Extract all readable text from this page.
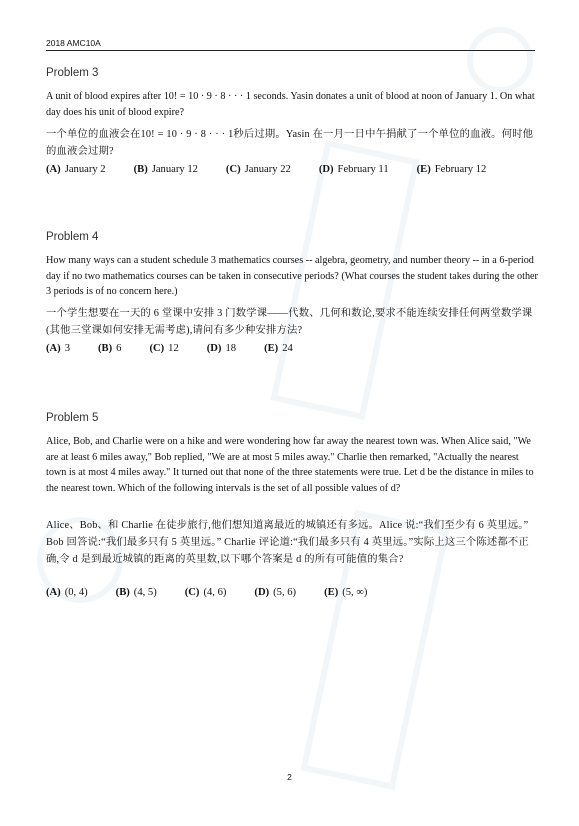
2018 AMC10A
Problem 3
A unit of blood expires after 10! = 10 · 9 · 8 · · · 1 seconds. Yasin donates a unit of blood at noon of January 1. On what day does his unit of blood expire?
一个单位的血液会在10! = 10 · 9 · 8 · · · 1秒后过期。Yasin 在一月一日中午捐献了一个单位的血液。何时他的血液会过期?
(A) January 2	(B) January 12	(C) January 22	(D) February 11	(E) February 12
Problem 4
How many ways can a student schedule 3 mathematics courses -- algebra, geometry, and number theory -- in a 6-period day if no two mathematics courses can be taken in consecutive periods? (What courses the student takes during the other 3 periods is of no concern here.)
一个学生想要在一天的 6 堂课中安排 3 门数学课——代数、几何和数论,要求不能连续安排任何两堂数学课(其他三堂课如何安排无需考虑),请问有多少种安排方法?
(A) 3	(B) 6	(C) 12	(D) 18	(E) 24
Problem 5
Alice, Bob, and Charlie were on a hike and were wondering how far away the nearest town was. When Alice said, "We are at least 6 miles away," Bob replied, "We are at most 5 miles away." Charlie then remarked, "Actually the nearest town is at most 4 miles away." It turned out that none of the three statements were true. Let d be the distance in miles to the nearest town. Which of the following intervals is the set of all possible values of d?
Alice、Bob、和 Charlie 在徒步旅行,他们想知道离最近的城镇还有多远。Alice 说:“我们至少有 6 英里远。” Bob 回答说:“我们最多只有 5 英里远。” Charlie 评论道:“我们最多只有 4 英里远。”实际上这三个陈述都不正确,令 d 是到最近城镇的距离的英里数,以下哪个答案是 d 的所有可能值的集合?
(A) (0, 4)	(B) (4, 5)	(C) (4, 6)	(D) (5, 6)	(E) (5, ∞)
2
